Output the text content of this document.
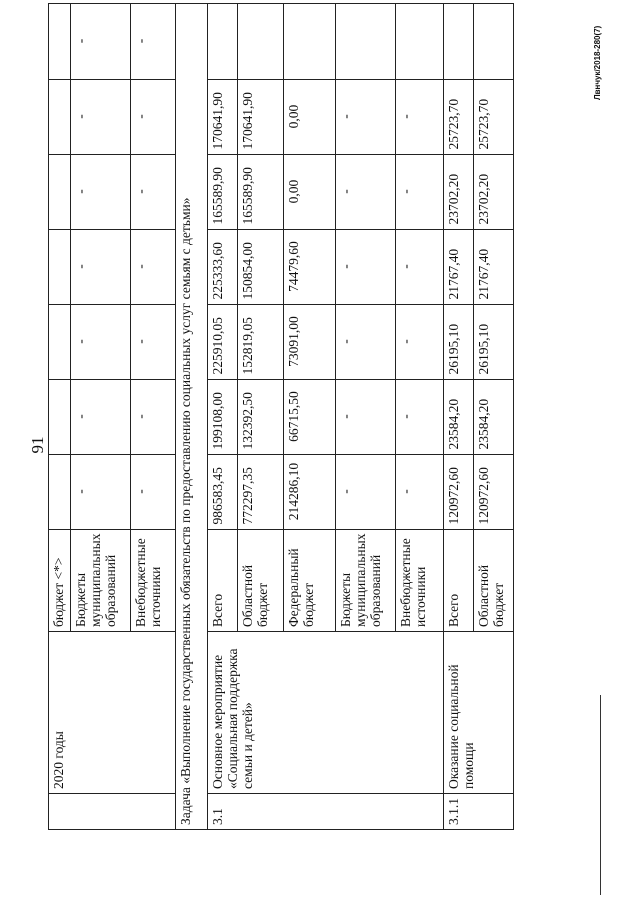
91
	2020 годы	бюджет <*>							
		Бюджеты муниципальных образований	-	-	-	-	-	-	-
		Внебюджетные источники	-	-	-	-	-	-	-
Задача «Выполнение государственных обязательств по предоставлению социальных услуг семьям с детьми»									
3.1	Основное мероприятие «Социальная поддержка семьи и детей»	Всего	986583,45	199108,00	225910,05	225333,60	165589,90	170641,90	
		Областной бюджет	772297,35	132392,50	152819,05	150854,00	165589,90	170641,90	
		Федеральный бюджет	214286,10	66715,50	73091,00	74479,60	0,00	0,00	
		Бюджеты муниципальных образований	-	-	-	-	-	-	
		Внебюджетные источники	-	-	-	-	-	-	
3.1.1	Оказание социальной помощи	Всего	120972,60	23584,20	26195,10	21767,40	23702,20	25723,70	
		Областной бюджет	120972,60	23584,20	26195,10	21767,40	23702,20	25723,70	
Лвнчук/2018-280(7)
